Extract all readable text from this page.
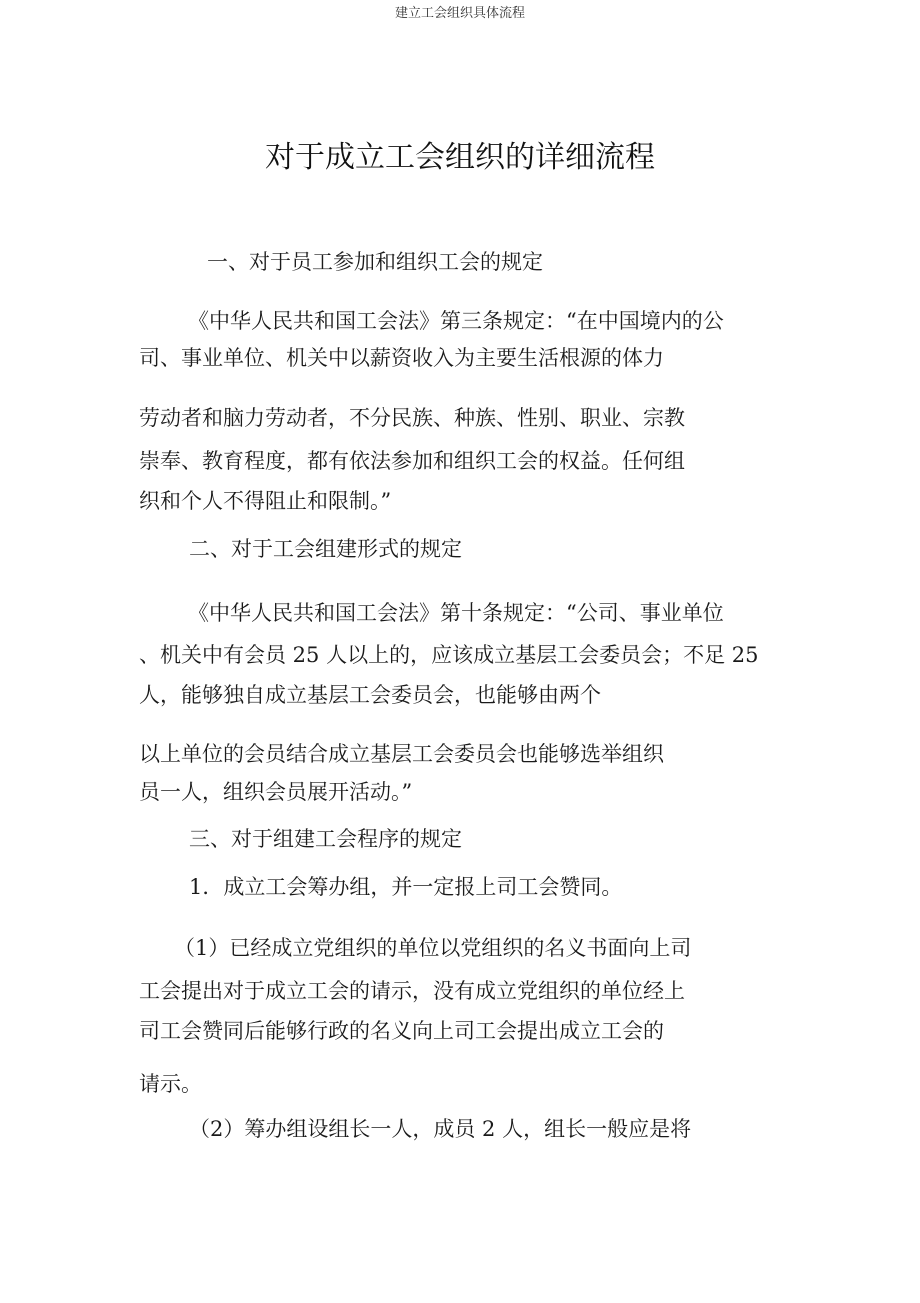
建立工会组织具体流程
对于成立工会组织的详细流程
一、对于员工参加和组织工会的规定
《中华人民共和国工会法》第三条规定：“在中国境内的公
司、事业单位、机关中以薪资收入为主要生活根源的体力
劳动者和脑力劳动者，不分民族、种族、性别、职业、宗教
崇奉、教育程度，都有依法参加和组织工会的权益。任何组
织和个人不得阻止和限制。”
二、对于工会组建形式的规定
《中华人民共和国工会法》第十条规定：“公司、事业单位
、机关中有会员 25 人以上的，应该成立基层工会委员会；不足 25
人，能够独自成立基层工会委员会，也能够由两个
以上单位的会员结合成立基层工会委员会也能够选举组织
员一人，组织会员展开活动。”
三、对于组建工会程序的规定
1．成立工会筹办组，并一定报上司工会赞同。
（1）已经成立党组织的单位以党组织的名义书面向上司
工会提出对于成立工会的请示，没有成立党组织的单位经上
司工会赞同后能够行政的名义向上司工会提出成立工会的
请示。
（2）筹办组设组长一人，成员 2 人，组长一般应是将
